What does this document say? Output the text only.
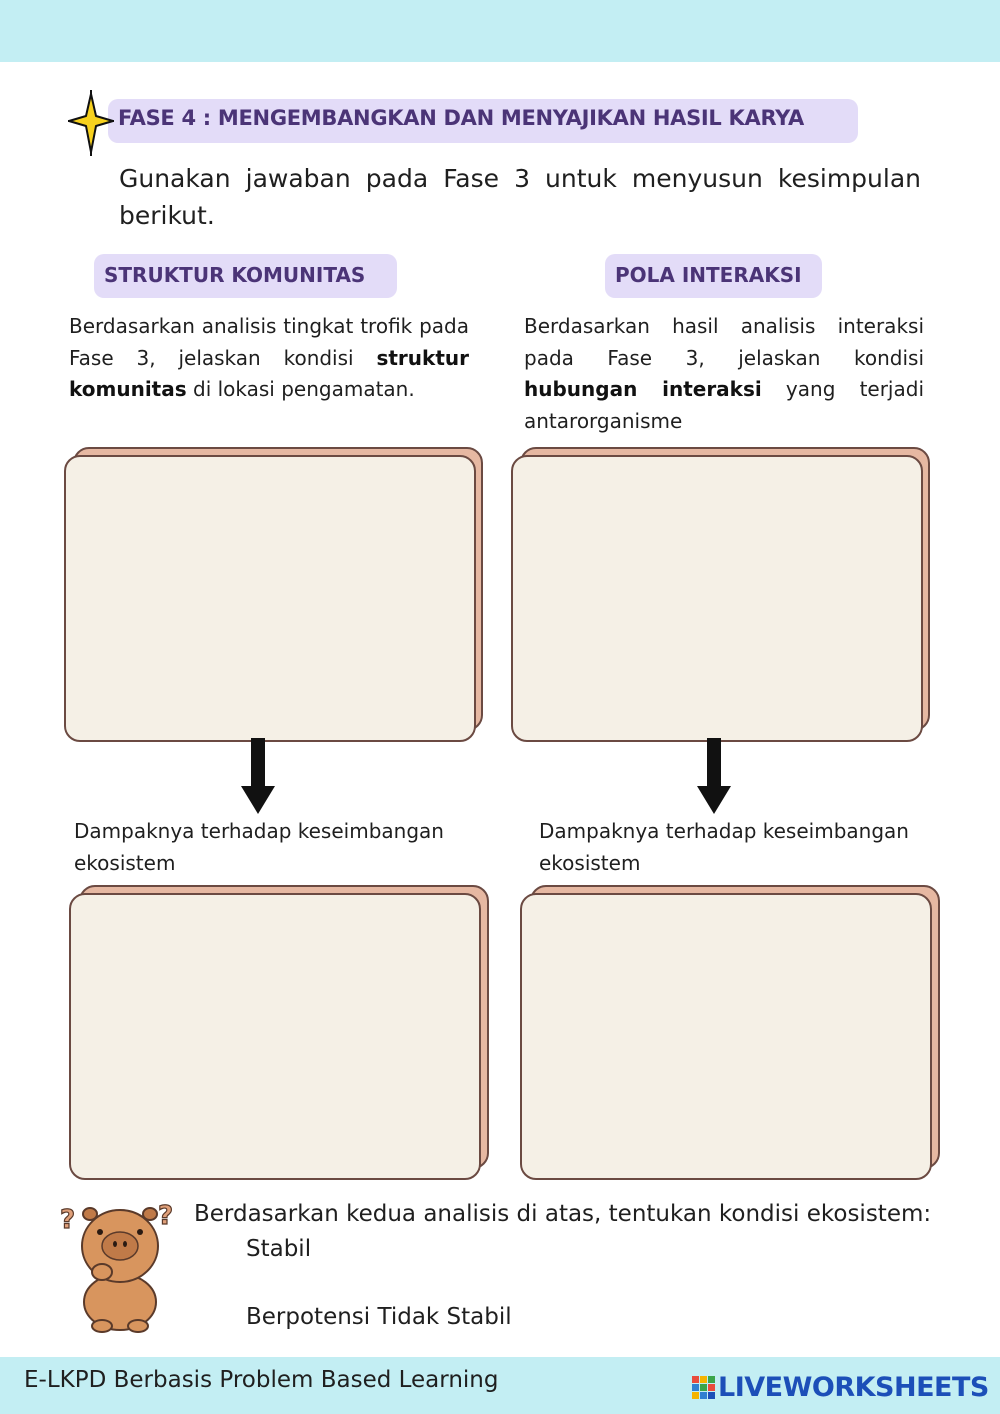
FASE 4 : MENGEMBANGKAN DAN MENYAJIKAN HASIL KARYA
Gunakan jawaban pada Fase 3 untuk menyusun kesimpulan berikut.
STRUKTUR KOMUNITAS
Berdasarkan analisis tingkat trofik pada Fase 3, jelaskan kondisi struktur komunitas di lokasi pengamatan.
Dampaknya terhadap keseimbangan ekosistem
POLA INTERAKSI
Berdasarkan hasil analisis interaksi pada Fase 3, jelaskan kondisi hubungan interaksi yang terjadi antarorganisme
Dampaknya terhadap keseimbangan ekosistem
?	? Berdasarkan kedua analisis di atas, tentukan kondisi ekosistem:
Stabil
Berpotensi Tidak Stabil
E-LKPD Berbasis Problem Based Learning	LIVEWORKSHEETS
